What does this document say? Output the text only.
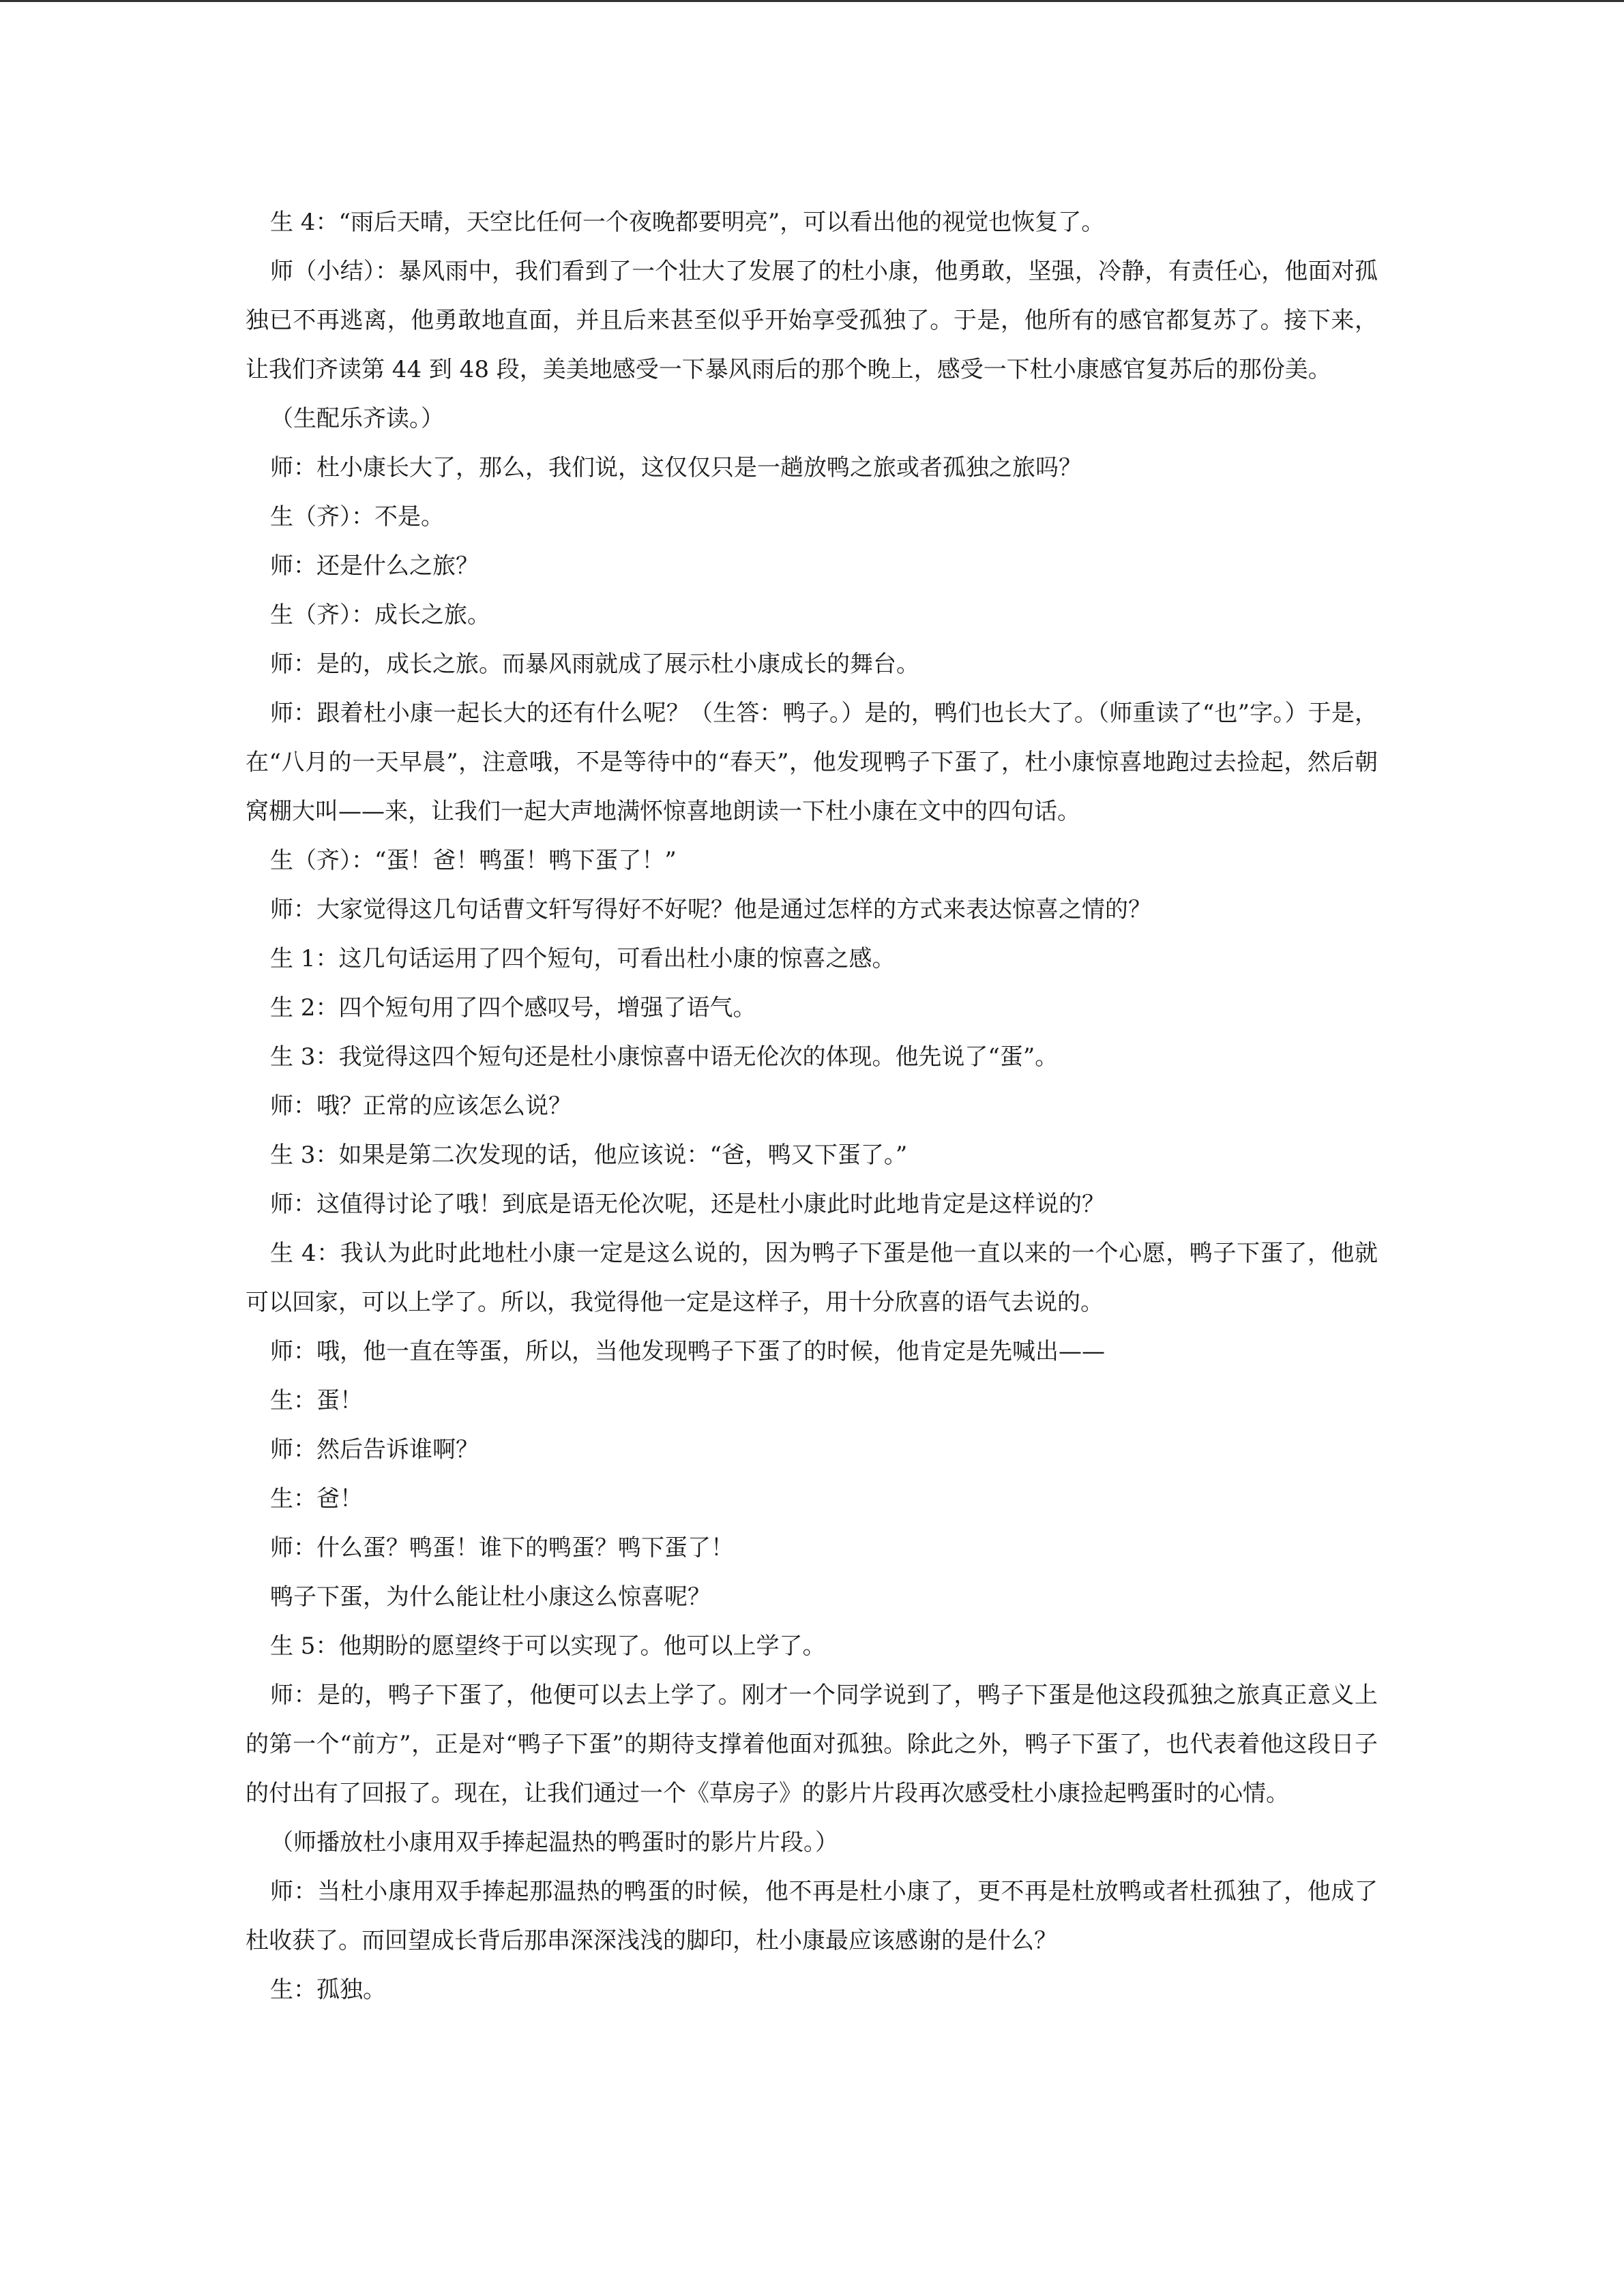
生 4：“雨后天晴，天空比任何一个夜晚都要明亮”，可以看出他的视觉也恢复了。

师（小结）：暴风雨中，我们看到了一个壮大了发展了的杜小康，他勇敢，坚强，冷静，有责任心，他面对孤独已不再逃离，他勇敢地直面，并且后来甚至似乎开始享受孤独了。于是，他所有的感官都复苏了。接下来，让我们齐读第 44 到 48 段，美美地感受一下暴风雨后的那个晚上，感受一下杜小康感官复苏后的那份美。

（生配乐齐读。）

师：杜小康长大了，那么，我们说，这仅仅只是一趟放鸭之旅或者孤独之旅吗？

生（齐）：不是。

师：还是什么之旅？

生（齐）：成长之旅。

师：是的，成长之旅。而暴风雨就成了展示杜小康成长的舞台。

师：跟着杜小康一起长大的还有什么呢？（生答：鸭子。）是的，鸭们也长大了。（师重读了“也”字。）于是，在“八月的一天早晨”，注意哦，不是等待中的“春天”，他发现鸭子下蛋了，杜小康惊喜地跑过去捡起，然后朝窝棚大叫——来，让我们一起大声地满怀惊喜地朗读一下杜小康在文中的四句话。

生（齐）：“蛋！爸！鸭蛋！鸭下蛋了！”

师：大家觉得这几句话曹文轩写得好不好呢？他是通过怎样的方式来表达惊喜之情的？

生 1：这几句话运用了四个短句，可看出杜小康的惊喜之感。

生 2：四个短句用了四个感叹号，增强了语气。

生 3：我觉得这四个短句还是杜小康惊喜中语无伦次的体现。他先说了“蛋”。

师：哦？正常的应该怎么说？

生 3：如果是第二次发现的话，他应该说：“爸，鸭又下蛋了。”

师：这值得讨论了哦！到底是语无伦次呢，还是杜小康此时此地肯定是这样说的？

生 4：我认为此时此地杜小康一定是这么说的，因为鸭子下蛋是他一直以来的一个心愿，鸭子下蛋了，他就可以回家，可以上学了。所以，我觉得他一定是这样子，用十分欣喜的语气去说的。

师：哦，他一直在等蛋，所以，当他发现鸭子下蛋了的时候，他肯定是先喊出——

生：蛋！

师：然后告诉谁啊？

生：爸！

师：什么蛋？鸭蛋！谁下的鸭蛋？鸭下蛋了！

鸭子下蛋，为什么能让杜小康这么惊喜呢？

生 5：他期盼的愿望终于可以实现了。他可以上学了。

师：是的，鸭子下蛋了，他便可以去上学了。刚才一个同学说到了，鸭子下蛋是他这段孤独之旅真正意义上的第一个“前方”，正是对“鸭子下蛋”的期待支撑着他面对孤独。除此之外，鸭子下蛋了，也代表着他这段日子的付出有了回报了。现在，让我们通过一个《草房子》的影片片段再次感受杜小康捡起鸭蛋时的心情。

（师播放杜小康用双手捧起温热的鸭蛋时的影片片段。）

师：当杜小康用双手捧起那温热的鸭蛋的时候，他不再是杜小康了，更不再是杜放鸭或者杜孤独了，他成了杜收获了。而回望成长背后那串深深浅浅的脚印，杜小康最应该感谢的是什么？

生：孤独。
